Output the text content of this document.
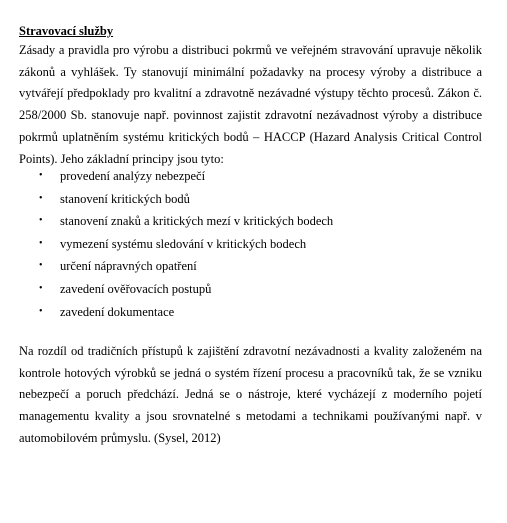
Stravovací služby

Zásady a pravidla pro výrobu a distribuci pokrmů ve veřejném stravování upravuje několik zákonů a vyhlášek. Ty stanovují minimální požadavky na procesy výroby a distribuce a vytvářejí předpoklady pro kvalitní a zdravotně nezávadné výstupy těchto procesů. Zákon č. 258/2000 Sb. stanovuje např. povinnost zajistit zdravotní nezávadnost výroby a distribuce pokrmů uplatněním systému kritických bodů – HACCP (Hazard Analysis Critical Control Points). Jeho základní principy jsou tyto:

• provedení analýzy nebezpečí
• stanovení kritických bodů
• stanovení znaků a kritických mezí v kritických bodech
• vymezení systému sledování v kritických bodech
• určení nápravných opatření
• zavedení ověřovacích postupů
• zavedení dokumentace

Na rozdíl od tradičních přístupů k zajištění zdravotní nezávadnosti a kvality založeném na kontrole hotových výrobků se jedná o systém řízení procesu a pracovníků tak, že se vzniku nebezpečí a poruch předchází. Jedná se o nástroje, které vycházejí z moderního pojetí managementu kvality a jsou srovnatelné s metodami a technikami používanými např. v automobilovém průmyslu. (Sysel, 2012)
